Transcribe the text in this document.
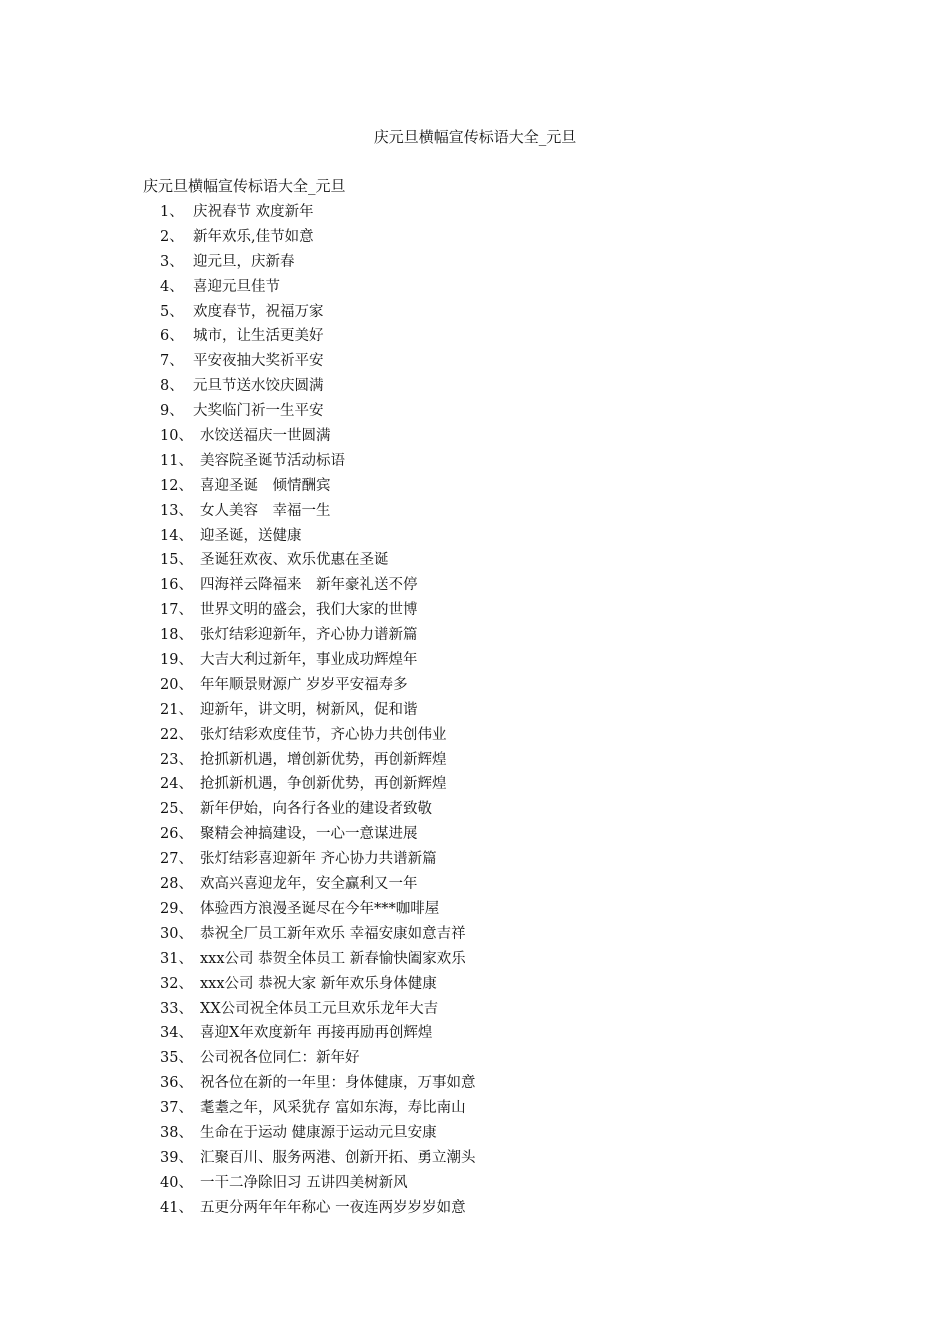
庆元旦横幅宣传标语大全_元旦
庆元旦横幅宣传标语大全_元旦
1、 庆祝春节 欢度新年
2、 新年欢乐,佳节如意
3、 迎元旦，庆新春
4、 喜迎元旦佳节
5、 欢度春节，祝福万家
6、 城市，让生活更美好
7、 平安夜抽大奖祈平安
8、 元旦节送水饺庆圆满
9、 大奖临门祈一生平安
10、 水饺送福庆一世圆满
11、 美容院圣诞节活动标语
12、 喜迎圣诞　倾情酬宾
13、 女人美容　幸福一生
14、 迎圣诞，送健康
15、 圣诞狂欢夜、欢乐优惠在圣诞
16、 四海祥云降福来　新年豪礼送不停
17、 世界文明的盛会，我们大家的世博
18、 张灯结彩迎新年，齐心协力谱新篇
19、 大吉大利过新年，事业成功辉煌年
20、 年年顺景财源广 岁岁平安福寿多
21、 迎新年，讲文明，树新风，促和谐
22、 张灯结彩欢度佳节，齐心协力共创伟业
23、 抢抓新机遇，增创新优势，再创新辉煌
24、 抢抓新机遇，争创新优势，再创新辉煌
25、 新年伊始，向各行各业的建设者致敬
26、 聚精会神搞建设，一心一意谋进展
27、 张灯结彩喜迎新年 齐心协力共谱新篇
28、 欢高兴喜迎龙年，安全赢利又一年
29、 体验西方浪漫圣诞尽在今年***咖啡屋
30、 恭祝全厂员工新年欢乐 幸福安康如意吉祥
31、 xxx公司 恭贺全体员工 新春愉快阖家欢乐
32、 xxx公司 恭祝大家 新年欢乐身体健康
33、 XX公司祝全体员工元旦欢乐龙年大吉
34、 喜迎X年欢度新年 再接再励再创辉煌
35、 公司祝各位同仁：新年好
36、 祝各位在新的一年里：身体健康，万事如意
37、 耄耋之年，风采犹存 富如东海，寿比南山
38、 生命在于运动 健康源于运动元旦安康
39、 汇聚百川、服务两港、创新开拓、勇立潮头
40、 一干二净除旧习 五讲四美树新风
41、 五更分两年年年称心 一夜连两岁岁岁如意
